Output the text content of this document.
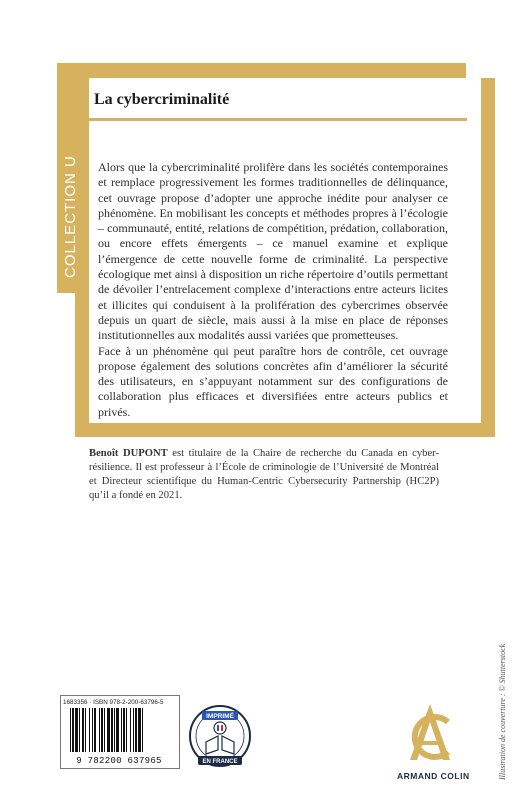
COLLECTION U
La cybercriminalité

Alors que la cybercriminalité prolifère dans les sociétés contemporaines et remplace progressivement les formes traditionnelles de délinquance, cet ouvrage propose d’adopter une approche inédite pour analyser ce phénomène. En mobilisant les concepts et méthodes propres à l’écologie – communauté, entité, relations de compétition, prédation, collaboration, ou encore effets émergents – ce manuel examine et explique l’émergence de cette nouvelle forme de criminalité. La perspective écologique met ainsi à disposition un riche répertoire d’outils permettant de dévoiler l’entrelacement complexe d’interactions entre acteurs licites et illicites qui conduisent à la prolifération des cybercrimes observée depuis un quart de siècle, mais aussi à la mise en place de réponses institutionnelles aux modalités aussi variées que prometteuses.

Face à un phénomène qui peut paraître hors de contrôle, cet ouvrage propose également des solutions concrètes afin d’améliorer la sécurité des utilisateurs, en s’appuyant notamment sur des configurations de collaboration plus efficaces et diversifiées entre acteurs publics et privés.

Benoît DUPONT est titulaire de la Chaire de recherche du Canada en cyber-résilience. Il est professeur à l’École de criminologie de l’Université de Montréal et Directeur scientifique du Human-Centric Cybersecurity Partnership (HC2P) qu’il a fondé en 2021.
1683356 · ISBN 978-2-200-63796-5
9 782200 637965
IMPRIMÉ
EN FRANCE
ARMAND COLIN	Illustration de couverture : © Shutterstock
